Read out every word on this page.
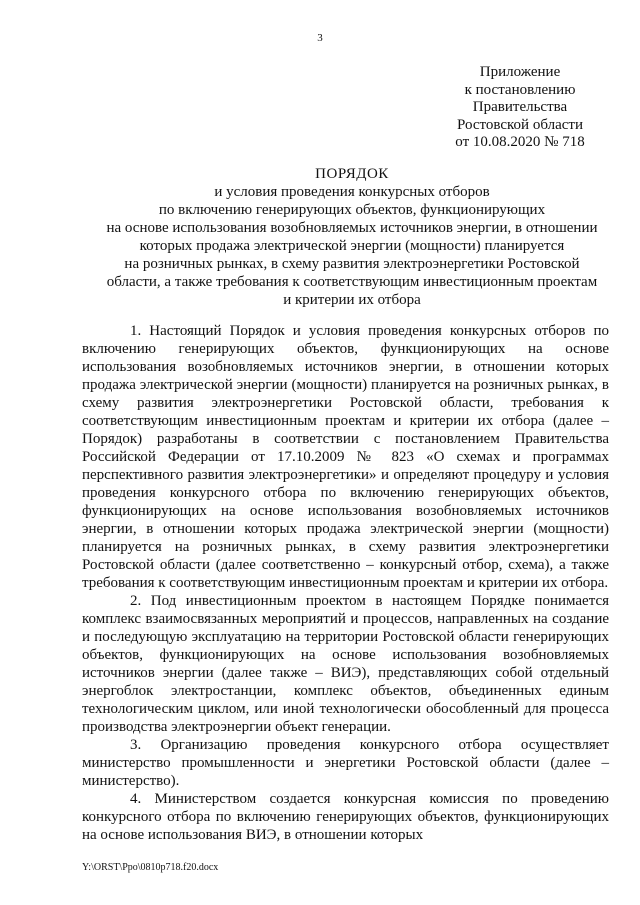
3
Приложение
к постановлению
Правительства
Ростовской области
от 10.08.2020 № 718
ПОРЯДОК
и условия проведения конкурсных отборов
по включению генерирующих объектов, функционирующих
на основе использования возобновляемых источников энергии, в отношении
которых продажа электрической энергии (мощности) планируется
на розничных рынках, в схему развития электроэнергетики Ростовской
области, а также требования к соответствующим инвестиционным проектам
и критерии их отбора

1. Настоящий Порядок и условия проведения конкурсных отборов по включению генерирующих объектов, функционирующих на основе использования возобновляемых источников энергии, в отношении которых продажа электрической энергии (мощности) планируется на розничных рынках, в схему развития электроэнергетики Ростовской области, требования к соответствующим инвестиционным проектам и критерии их отбора (далее – Порядок) разработаны в соответствии с постановлением Правительства Российской Федерации от 17.10.2009 № 823 «О схемах и программах перспективного развития электроэнергетики» и определяют процедуру и условия проведения конкурсного отбора по включению генерирующих объектов, функционирующих на основе использования возобновляемых источников энергии, в отношении которых продажа электрической энергии (мощности) планируется на розничных рынках, в схему развития электроэнергетики Ростовской области (далее соответственно – конкурсный отбор, схема), а также требования к соответствующим инвестиционным проектам и критерии их отбора.

2. Под инвестиционным проектом в настоящем Порядке понимается комплекс взаимосвязанных мероприятий и процессов, направленных на создание и последующую эксплуатацию на территории Ростовской области генерирующих объектов, функционирующих на основе использования возобновляемых источников энергии (далее также – ВИЭ), представляющих собой отдельный энергоблок электростанции, комплекс объектов, объединенных единым технологическим циклом, или иной технологически обособленный для процесса производства электроэнергии объект генерации.

3. Организацию проведения конкурсного отбора осуществляет министерство промышленности и энергетики Ростовской области (далее – министерство).

4. Министерством создается конкурсная комиссия по проведению конкурсного отбора по включению генерирующих объектов, функционирующих на основе использования ВИЭ, в отношении которых

Y:\ORST\Ppo\0810p718.f20.docx
